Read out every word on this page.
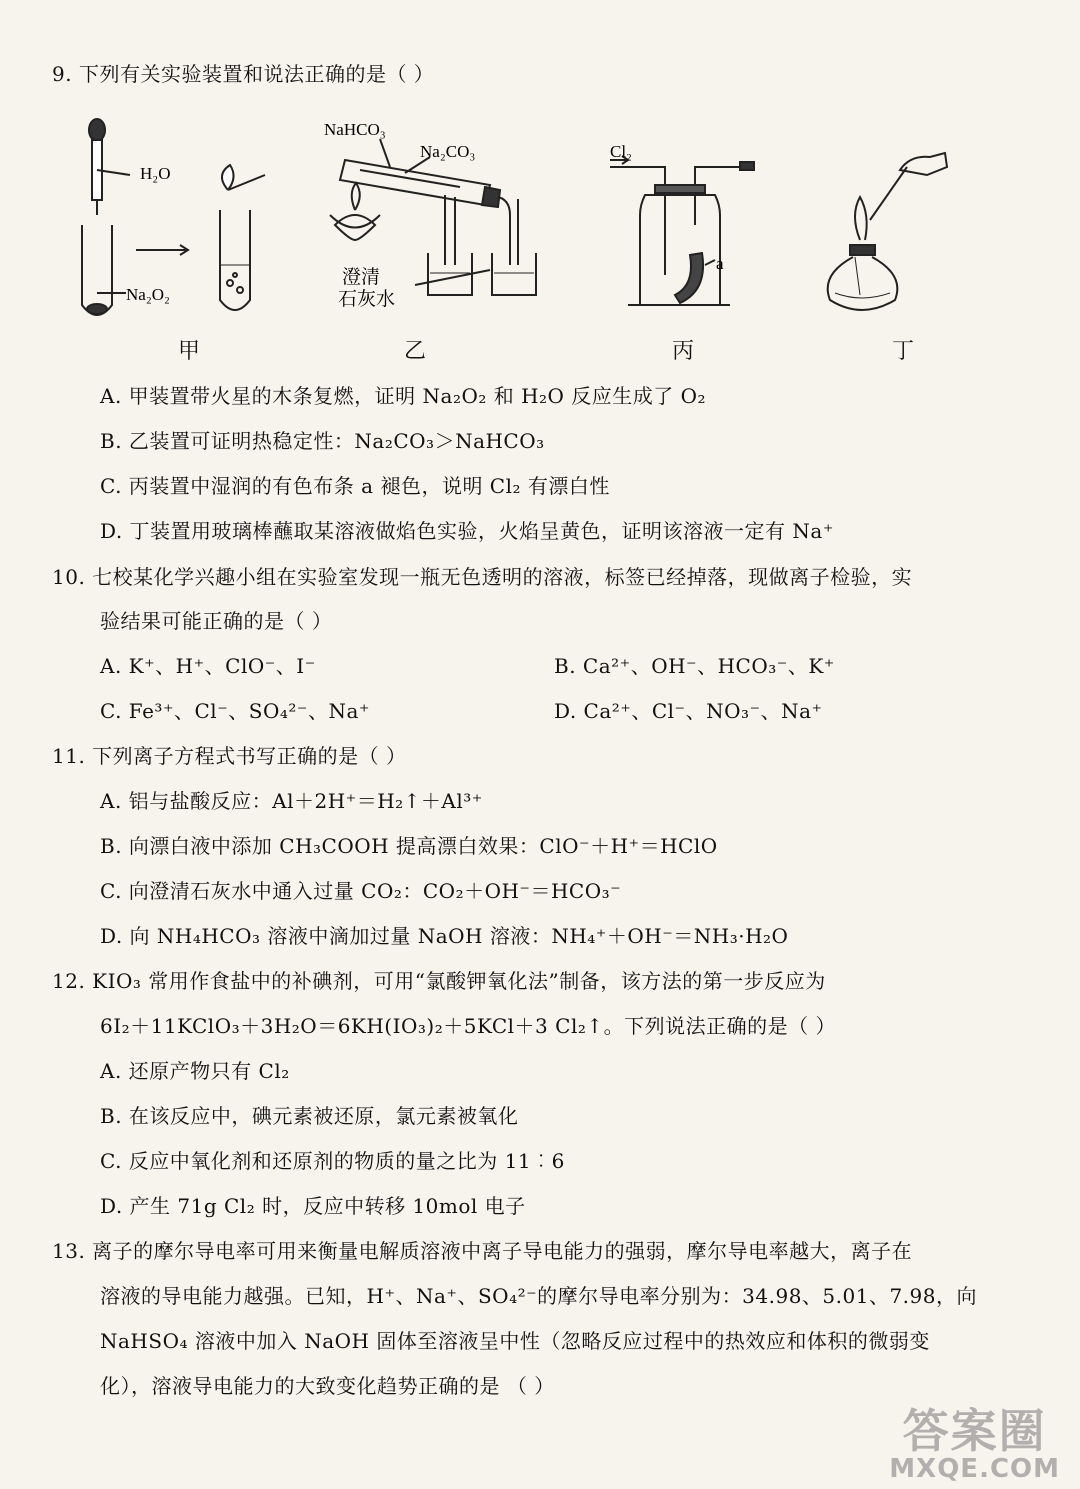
9. 下列有关实验装置和说法正确的是（ ）
H₂O
Na₂O₂
NaHCO₃
Na₂CO₃
澄清
石灰水
Cl₂
a
甲	乙	丙	丁
A. 甲装置带火星的木条复燃，证明 Na₂O₂ 和 H₂O 反应生成了 O₂
B. 乙装置可证明热稳定性：Na₂CO₃＞NaHCO₃
C. 丙装置中湿润的有色布条 a 褪色，说明 Cl₂ 有漂白性
D. 丁装置用玻璃棒蘸取某溶液做焰色实验，火焰呈黄色，证明该溶液一定有 Na⁺
10. 七校某化学兴趣小组在实验室发现一瓶无色透明的溶液，标签已经掉落，现做离子检验，实
验结果可能正确的是（ ）
A. K⁺、H⁺、ClO⁻、I⁻	B. Ca²⁺、OH⁻、HCO₃⁻、K⁺
C. Fe³⁺、Cl⁻、SO₄²⁻、Na⁺	D. Ca²⁺、Cl⁻、NO₃⁻、Na⁺
11. 下列离子方程式书写正确的是（ ）
A. 铝与盐酸反应：Al＋2H⁺＝H₂↑＋Al³⁺
B. 向漂白液中添加 CH₃COOH 提高漂白效果：ClO⁻＋H⁺＝HClO
C. 向澄清石灰水中通入过量 CO₂：CO₂＋OH⁻＝HCO₃⁻
D. 向 NH₄HCO₃ 溶液中滴加过量 NaOH 溶液：NH₄⁺＋OH⁻＝NH₃·H₂O
12. KIO₃ 常用作食盐中的补碘剂，可用“氯酸钾氧化法”制备，该方法的第一步反应为
6I₂＋11KClO₃＋3H₂O＝6KH(IO₃)₂＋5KCl＋3 Cl₂↑。下列说法正确的是（ ）
A. 还原产物只有 Cl₂
B. 在该反应中，碘元素被还原，氯元素被氧化
C. 反应中氧化剂和还原剂的物质的量之比为 11︰6
D. 产生 71g Cl₂ 时，反应中转移 10mol 电子
13. 离子的摩尔导电率可用来衡量电解质溶液中离子导电能力的强弱，摩尔导电率越大，离子在
溶液的导电能力越强。已知，H⁺、Na⁺、SO₄²⁻的摩尔导电率分别为：34.98、5.01、7.98，向
NaHSO₄ 溶液中加入 NaOH 固体至溶液呈中性（忽略反应过程中的热效应和体积的微弱变
化），溶液导电能力的大致变化趋势正确的是 （ ）
答案圈
MXQE.COM
